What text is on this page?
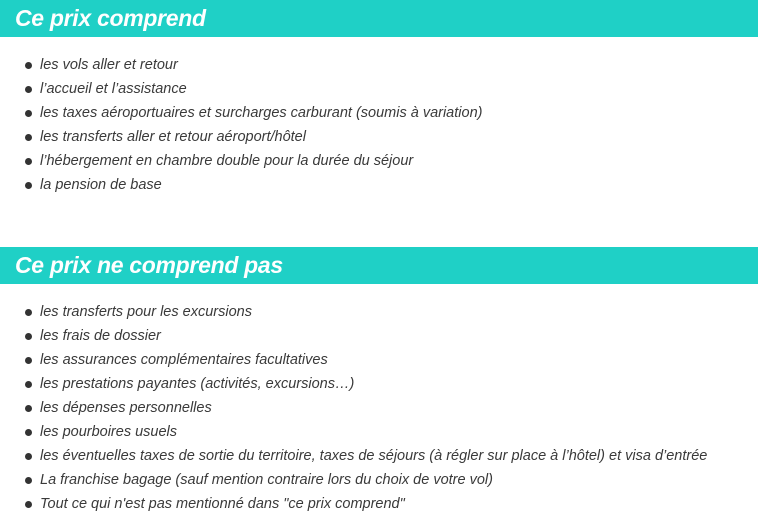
Ce prix comprend
les vols aller et retour
l’accueil et l’assistance
les taxes aéroportuaires et surcharges carburant (soumis à variation)
les transferts aller et retour aéroport/hôtel
l’hébergement en chambre double pour la durée du séjour
la pension de base
Ce prix ne comprend pas
les transferts pour les excursions
les frais de dossier
les assurances complémentaires facultatives
les prestations payantes (activités, excursions…)
les dépenses personnelles
les pourboires usuels
les éventuelles taxes de sortie du territoire, taxes de séjours (à régler sur place à l’hôtel) et visa d’entrée
La franchise bagage (sauf mention contraire lors du choix de votre vol)
Tout ce qui n'est pas mentionné dans "ce prix comprend"
